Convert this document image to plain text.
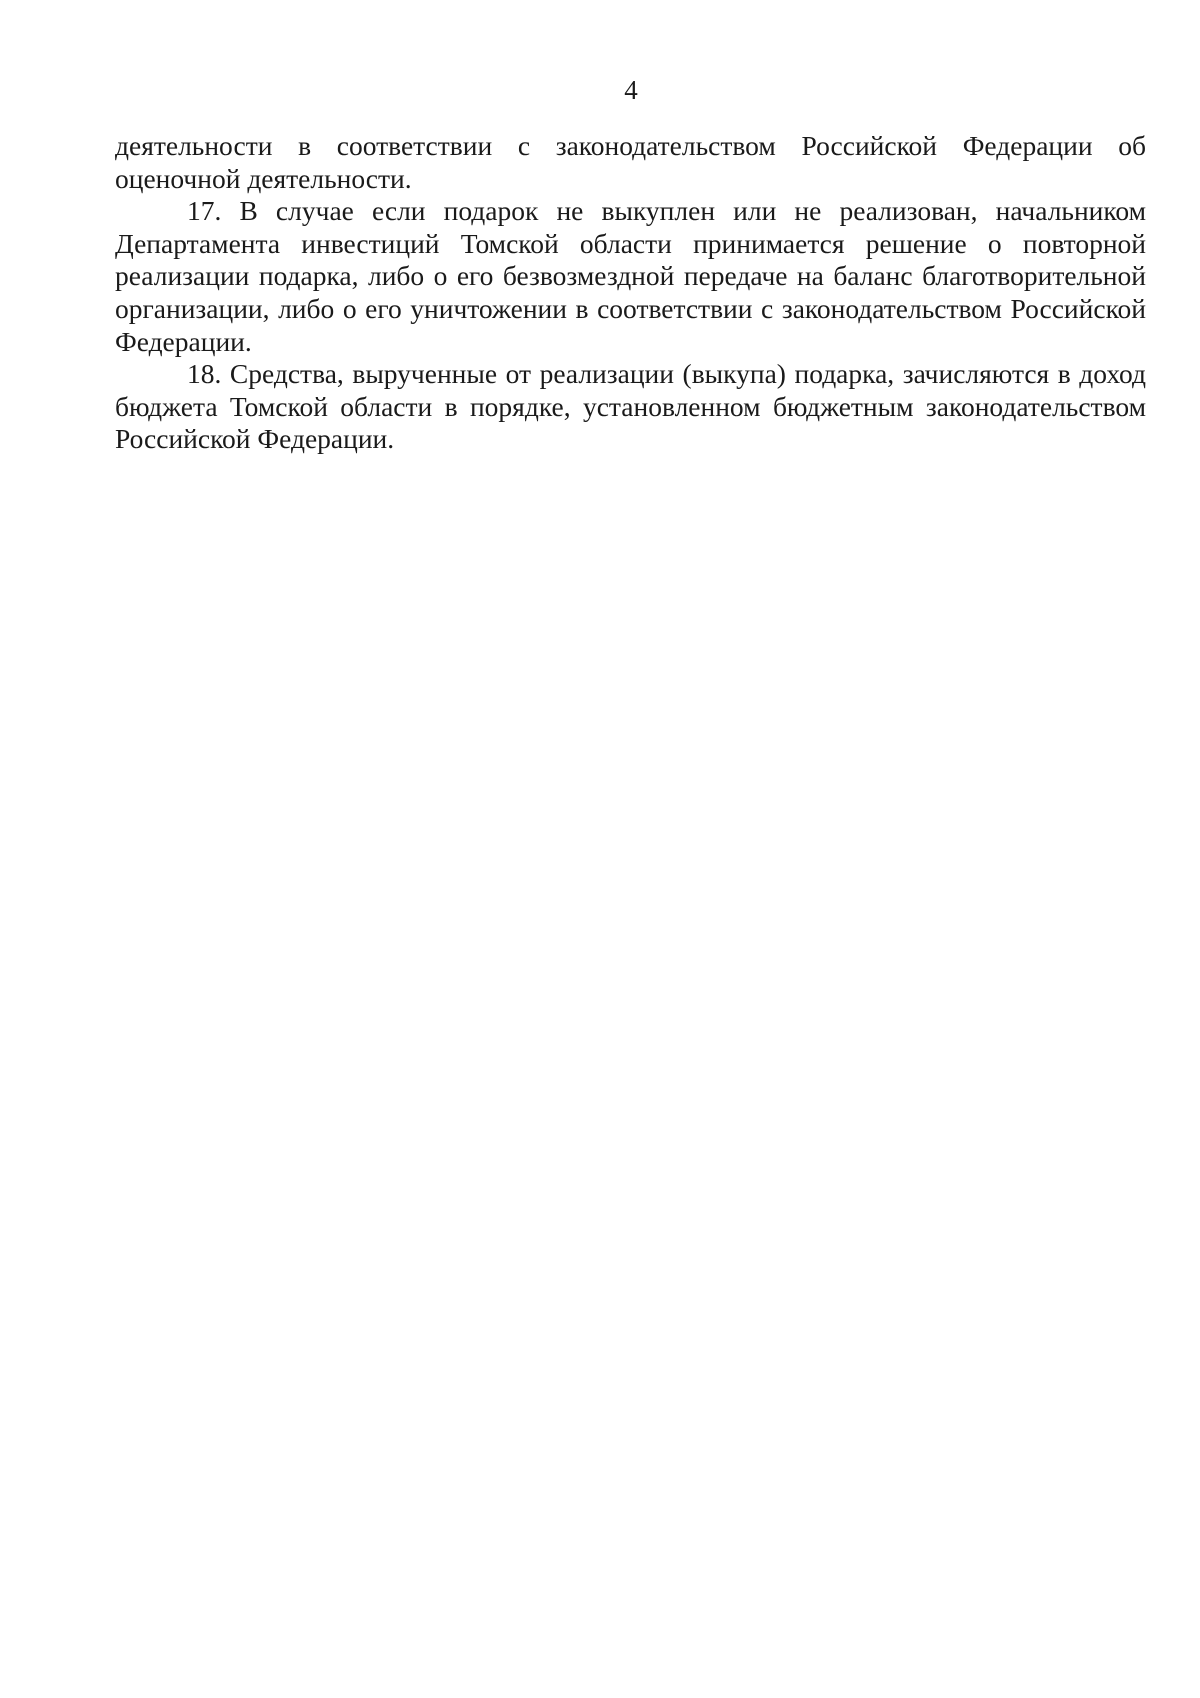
4

деятельности в соответствии с законодательством Российской Федерации об оценочной деятельности.

17. В случае если подарок не выкуплен или не реализован, начальником Департамента инвестиций Томской области принимается решение о повторной реализации подарка, либо о его безвозмездной передаче на баланс благотворительной организации, либо о его уничтожении в соответствии с законодательством Российской Федерации.

18. Средства, вырученные от реализации (выкупа) подарка, зачисляются в доход бюджета Томской области в порядке, установленном бюджетным законодательством Российской Федерации.
